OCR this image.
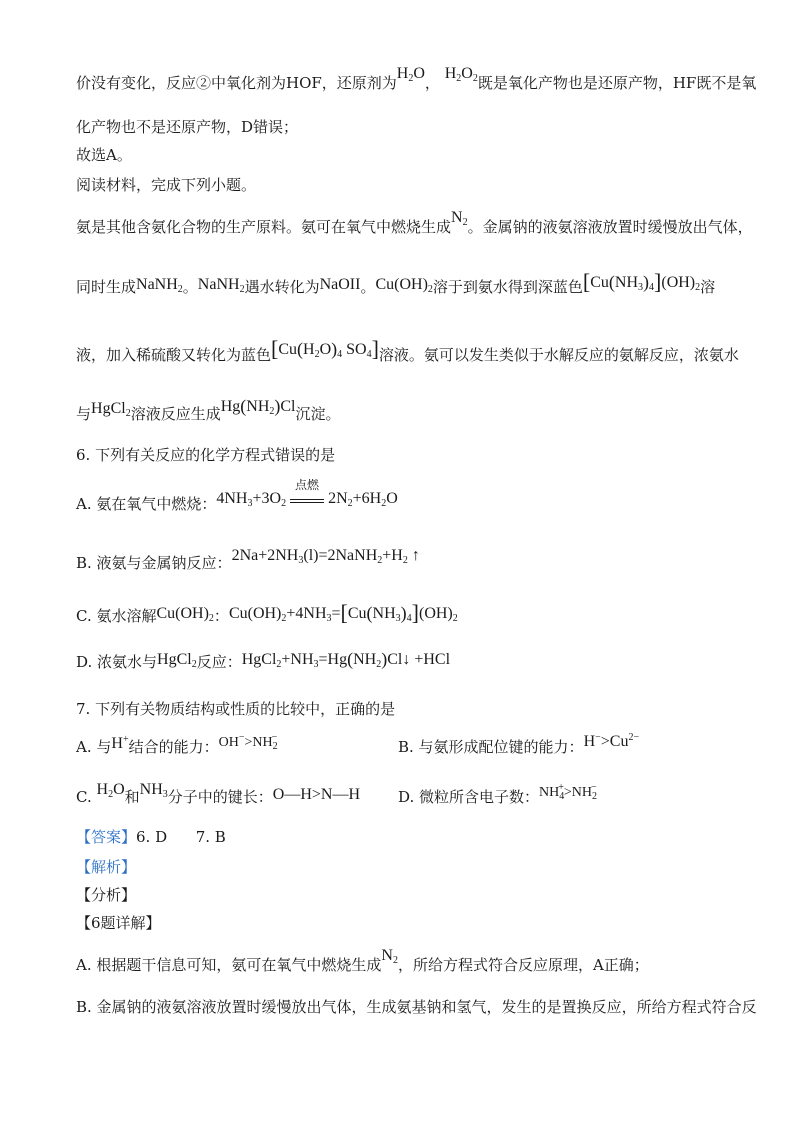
价没有变化，反应②中氧化剂为HOF，还原剂为$H_2O$， $H_2O_2$既是氧化产物也是还原产物，HF既不是氧
化产物也不是还原产物，D错误；
故选A。
阅读材料，完成下列小题。
氨是其他含氨化合物的生产原料。氨可在氧气中燃烧生成$N_2$。金属钠的液氨溶液放置时缓慢放出气体，
同时生成NaNH$_2$。NaNH$_2$遇水转化为NaOII。$Cu(OH)_2$溶于到氨水得到深蓝色$[Cu(NH_3)_4](OH)_2$溶
液，加入稀硫酸又转化为蓝色[$Cu(H_2O)_4$ $SO_4$]溶液。氨可以发生类似于水解反应的氨解反应，浓氨水
与HgCl$_2$溶液反应生成$Hg(NH_2)Cl$沉淀。
6. 下列有关反应的化学方程式错误的是
A. 氨在氧气中燃烧：$4NH_3+3O_2$
点燃
$2N_2+6H_2O$
B. 液氨与金属钠反应：$2Na+2NH_3(l)=2NaNH_2+H_2$ ↑
C. 氨水溶解$Cu(OH)_2$：$Cu(OH)_2+4NH_3=[Cu(NH_3)_4](OH)_2$
D. 浓氨水与HgCl$_2$反应：$HgCl_2+NH_3=Hg(NH_2)Cl↓ +HCl$
7. 下列有关物质结构或性质的比较中，正确的是
A. 与H+结合的能力：$OH^->NH_2^-$
B. 与氨形成配位键的能力：$H^->Cu^{2-}$
C. $H_2O$和$NH_3$分子中的键长：O—H>N—H	D. 微粒所含电子数：$NH_4^+>NH_2^-$
【答案】6. D      7. B
【解析】
【分析】
【6题详解】
A. 根据题干信息可知，氨可在氧气中燃烧生成$N_2$，所给方程式符合反应原理，A正确；
B. 金属钠的液氨溶液放置时缓慢放出气体，生成氨基钠和氢气，发生的是置换反应，所给方程式符合反
